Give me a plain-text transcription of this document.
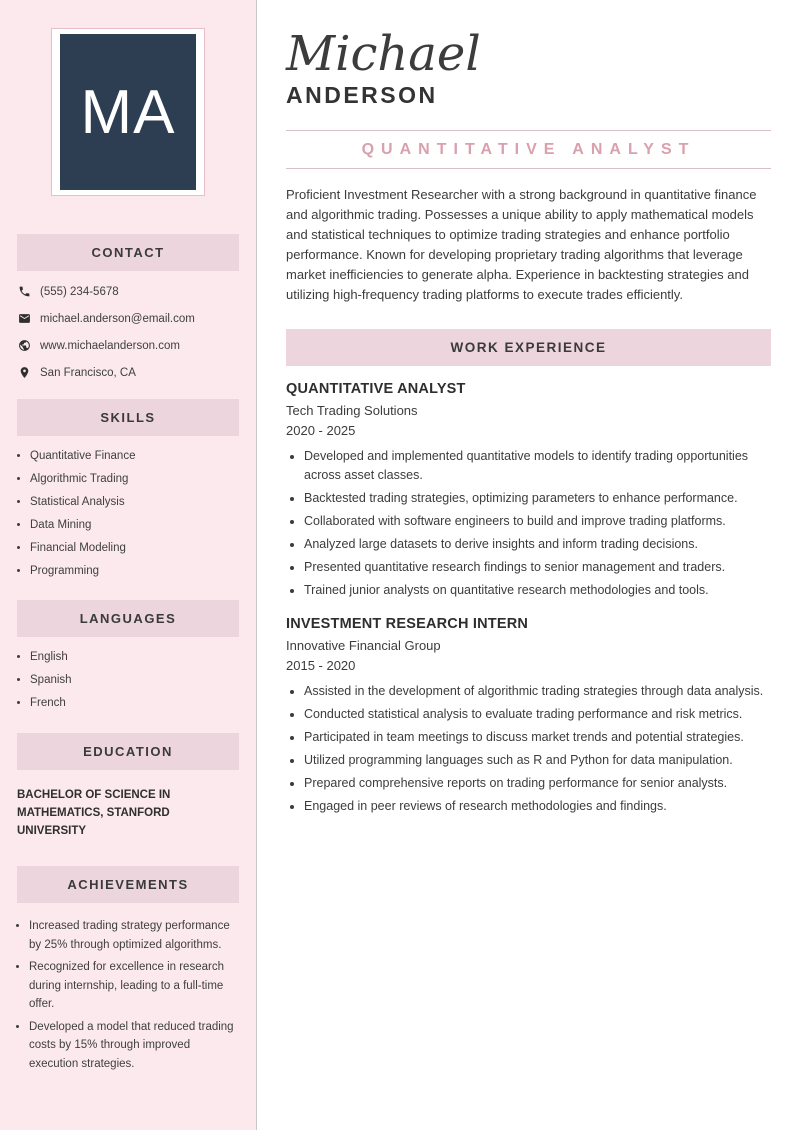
MA
CONTACT
(555) 234-5678
michael.anderson@email.com
www.michaelanderson.com
San Francisco, CA
SKILLS
• Quantitative Finance
• Algorithmic Trading
• Statistical Analysis
• Data Mining
• Financial Modeling
• Programming
LANGUAGES
• English
• Spanish
• French
EDUCATION
BACHELOR OF SCIENCE IN MATHEMATICS, STANFORD UNIVERSITY
ACHIEVEMENTS
• Increased trading strategy performance by 25% through optimized algorithms.
• Recognized for excellence in research during internship, leading to a full-time offer.
• Developed a model that reduced trading costs by 15% through improved execution strategies.
Michael
ANDERSON
QUANTITATIVE ANALYST

Proficient Investment Researcher with a strong background in quantitative finance and algorithmic trading. Possesses a unique ability to apply mathematical models and statistical techniques to optimize trading strategies and enhance portfolio performance. Known for developing proprietary trading algorithms that leverage market inefficiencies to generate alpha. Experience in backtesting strategies and utilizing high-frequency trading platforms to execute trades efficiently.

WORK EXPERIENCE
QUANTITATIVE ANALYST
Tech Trading Solutions
2020 - 2025
• Developed and implemented quantitative models to identify trading opportunities across asset classes.
• Backtested trading strategies, optimizing parameters to enhance performance.
• Collaborated with software engineers to build and improve trading platforms.
• Analyzed large datasets to derive insights and inform trading decisions.
• Presented quantitative research findings to senior management and traders.
• Trained junior analysts on quantitative research methodologies and tools.
INVESTMENT RESEARCH INTERN
Innovative Financial Group
2015 - 2020
• Assisted in the development of algorithmic trading strategies through data analysis.
• Conducted statistical analysis to evaluate trading performance and risk metrics.
• Participated in team meetings to discuss market trends and potential strategies.
• Utilized programming languages such as R and Python for data manipulation.
• Prepared comprehensive reports on trading performance for senior analysts.
• Engaged in peer reviews of research methodologies and findings.
